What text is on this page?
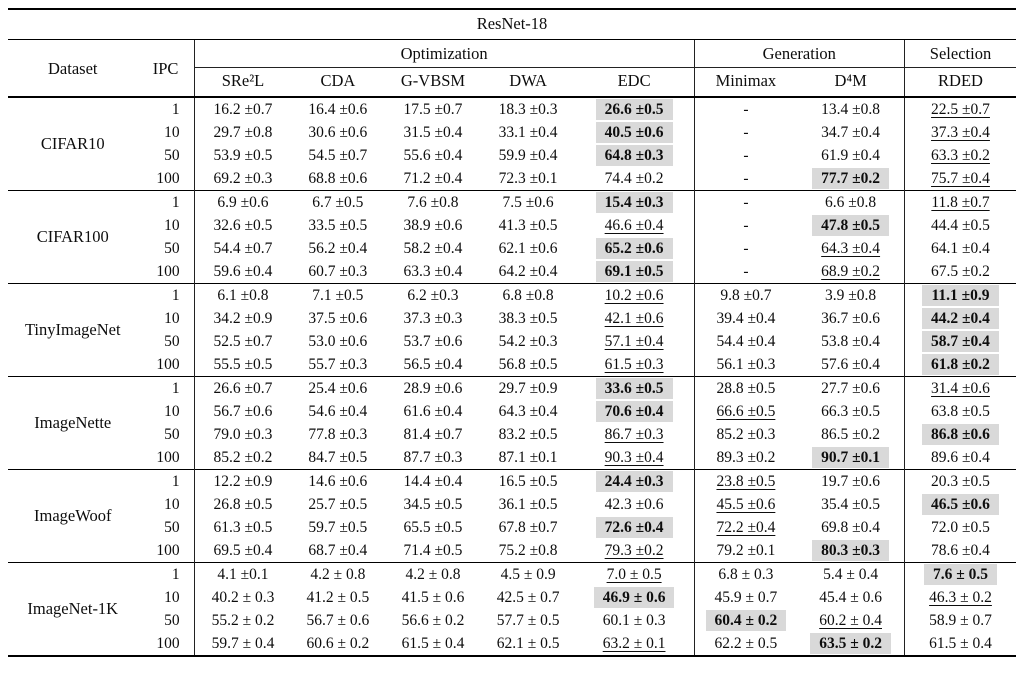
ResNet-18									
Dataset	IPC	Optimization					Generation		Selection
		SRe²L	CDA	G-VBSM	DWA	EDC	Minimax	D⁴M	RDED
CIFAR10	1	16.2 ±0.7	16.4 ±0.6	17.5 ±0.7	18.3 ±0.3	26.6 ±0.5	-	13.4 ±0.8	22.5 ±0.7
	10	29.7 ±0.8	30.6 ±0.6	31.5 ±0.4	33.1 ±0.4	40.5 ±0.6	-	34.7 ±0.4	37.3 ±0.4
	50	53.9 ±0.5	54.5 ±0.7	55.6 ±0.4	59.9 ±0.4	64.8 ±0.3	-	61.9 ±0.4	63.3 ±0.2
	100	69.2 ±0.3	68.8 ±0.6	71.2 ±0.4	72.3 ±0.1	74.4 ±0.2	-	77.7 ±0.2	75.7 ±0.4
CIFAR100	1	6.9 ±0.6	6.7 ±0.5	7.6 ±0.8	7.5 ±0.6	15.4 ±0.3	-	6.6 ±0.8	11.8 ±0.7
	10	32.6 ±0.5	33.5 ±0.5	38.9 ±0.6	41.3 ±0.5	46.6 ±0.4	-	47.8 ±0.5	44.4 ±0.5
	50	54.4 ±0.7	56.2 ±0.4	58.2 ±0.4	62.1 ±0.6	65.2 ±0.6	-	64.3 ±0.4	64.1 ±0.4
	100	59.6 ±0.4	60.7 ±0.3	63.3 ±0.4	64.2 ±0.4	69.1 ±0.5	-	68.9 ±0.2	67.5 ±0.2
TinyImageNet	1	6.1 ±0.8	7.1 ±0.5	6.2 ±0.3	6.8 ±0.8	10.2 ±0.6	9.8 ±0.7	3.9 ±0.8	11.1 ±0.9
	10	34.2 ±0.9	37.5 ±0.6	37.3 ±0.3	38.3 ±0.5	42.1 ±0.6	39.4 ±0.4	36.7 ±0.6	44.2 ±0.4
	50	52.5 ±0.7	53.0 ±0.6	53.7 ±0.6	54.2 ±0.3	57.1 ±0.4	54.4 ±0.4	53.8 ±0.4	58.7 ±0.4
	100	55.5 ±0.5	55.7 ±0.3	56.5 ±0.4	56.8 ±0.5	61.5 ±0.3	56.1 ±0.3	57.6 ±0.4	61.8 ±0.2
ImageNette	1	26.6 ±0.7	25.4 ±0.6	28.9 ±0.6	29.7 ±0.9	33.6 ±0.5	28.8 ±0.5	27.7 ±0.6	31.4 ±0.6
	10	56.7 ±0.6	54.6 ±0.4	61.6 ±0.4	64.3 ±0.4	70.6 ±0.4	66.6 ±0.5	66.3 ±0.5	63.8 ±0.5
	50	79.0 ±0.3	77.8 ±0.3	81.4 ±0.7	83.2 ±0.5	86.7 ±0.3	85.2 ±0.3	86.5 ±0.2	86.8 ±0.6
	100	85.2 ±0.2	84.7 ±0.5	87.7 ±0.3	87.1 ±0.1	90.3 ±0.4	89.3 ±0.2	90.7 ±0.1	89.6 ±0.4
ImageWoof	1	12.2 ±0.9	14.6 ±0.6	14.4 ±0.4	16.5 ±0.5	24.4 ±0.3	23.8 ±0.5	19.7 ±0.6	20.3 ±0.5
	10	26.8 ±0.5	25.7 ±0.5	34.5 ±0.5	36.1 ±0.5	42.3 ±0.6	45.5 ±0.6	35.4 ±0.5	46.5 ±0.6
	50	61.3 ±0.5	59.7 ±0.5	65.5 ±0.5	67.8 ±0.7	72.6 ±0.4	72.2 ±0.4	69.8 ±0.4	72.0 ±0.5
	100	69.5 ±0.4	68.7 ±0.4	71.4 ±0.5	75.2 ±0.8	79.3 ±0.2	79.2 ±0.1	80.3 ±0.3	78.6 ±0.4
ImageNet-1K	1	4.1 ±0.1	4.2 ± 0.8	4.2 ± 0.8	4.5 ± 0.9	7.0 ± 0.5	6.8 ± 0.3	5.4 ± 0.4	7.6 ± 0.5
	10	40.2 ± 0.3	41.2 ± 0.5	41.5 ± 0.6	42.5 ± 0.7	46.9 ± 0.6	45.9 ± 0.7	45.4 ± 0.6	46.3 ± 0.2
	50	55.2 ± 0.2	56.7 ± 0.6	56.6 ± 0.2	57.7 ± 0.5	60.1 ± 0.3	60.4 ± 0.2	60.2 ± 0.4	58.9 ± 0.7
	100	59.7 ± 0.4	60.6 ± 0.2	61.5 ± 0.4	62.1 ± 0.5	63.2 ± 0.1	62.2 ± 0.5	63.5 ± 0.2	61.5 ± 0.4
